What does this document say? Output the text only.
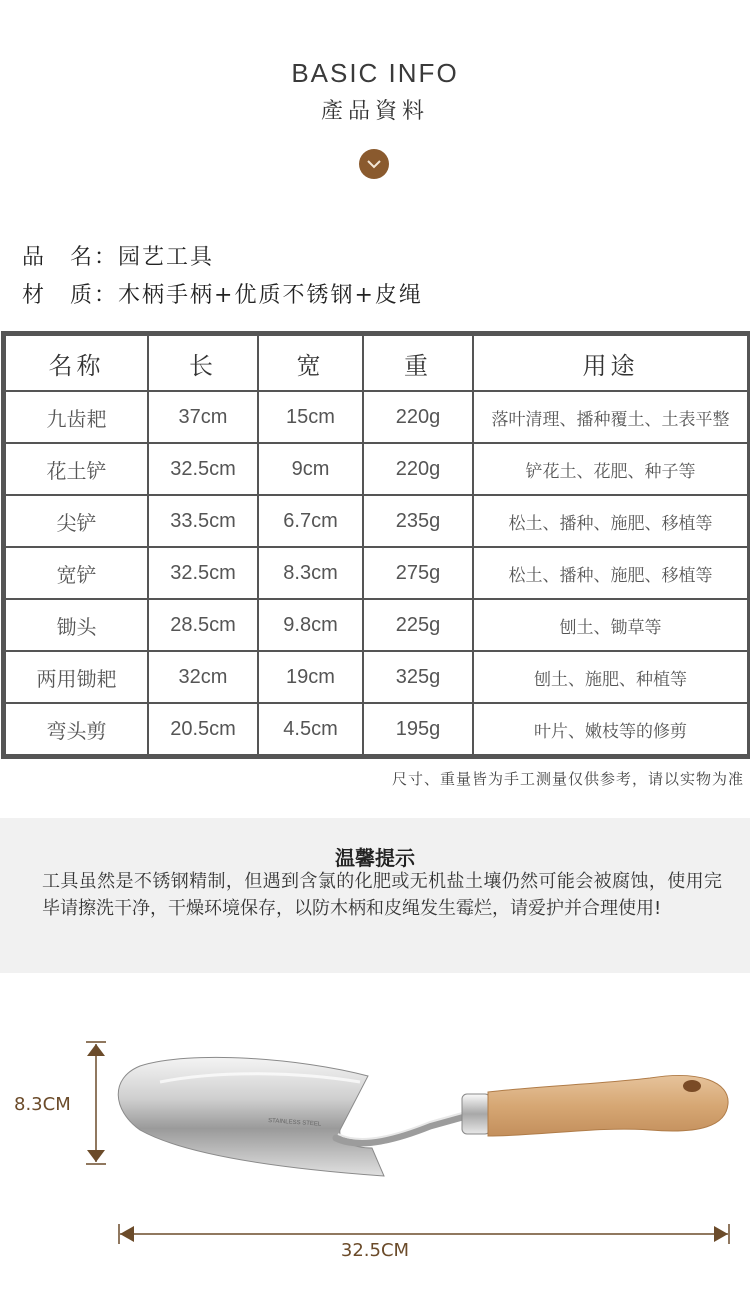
BASIC INFO
產品資料
品　名：园艺工具
材　质：木柄手柄+优质不锈钢+皮绳
名称	长	宽	重	用途
九齿耙	37cm	15cm	220g	落叶清理、播种覆土、土表平整
花土铲	32.5cm	9cm	220g	铲花土、花肥、种子等
尖铲	33.5cm	6.7cm	235g	松土、播种、施肥、移植等
宽铲	32.5cm	8.3cm	275g	松土、播种、施肥、移植等
锄头	28.5cm	9.8cm	225g	刨土、锄草等
两用锄耙	32cm	19cm	325g	刨土、施肥、种植等
弯头剪	20.5cm	4.5cm	195g	叶片、嫩枝等的修剪
尺寸、重量皆为手工测量仅供参考，请以实物为准
温馨提示
工具虽然是不锈钢精制，但遇到含氯的化肥或无机盐土壤仍然可能会被腐蚀，使用完毕请擦洗干净，干燥环境保存，以防木柄和皮绳发生霉烂，请爱护并合理使用!
STAINLESS STEEL
8.3CM
32.5CM
